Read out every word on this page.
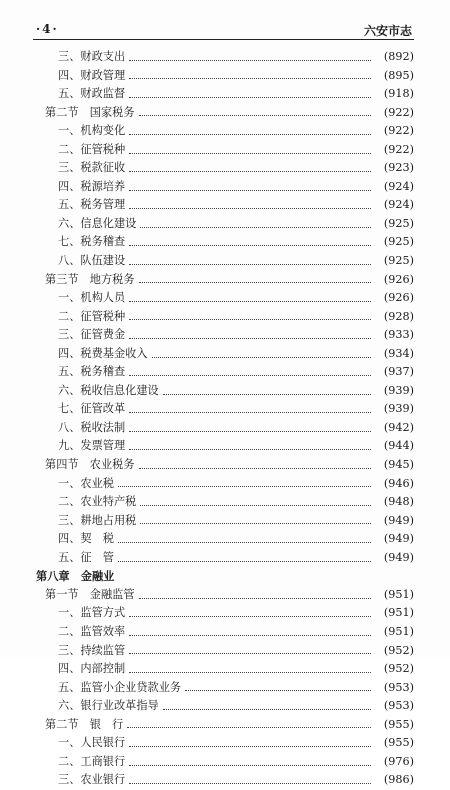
·4·	六安市志
三、财政支出	(892)
四、财政管理	(895)
五、财政监督	(918)
第二节　国家税务	(922)
一、机构变化	(922)
二、征管税种	(922)
三、税款征收	(923)
四、税源培养	(924)
五、税务管理	(924)
六、信息化建设	(925)
七、税务稽查	(925)
八、队伍建设	(925)
第三节　地方税务	(926)
一、机构人员	(926)
二、征管税种	(928)
三、征管费金	(933)
四、税费基金收入	(934)
五、税务稽查	(937)
六、税收信息化建设	(939)
七、征管改革	(939)
八、税收法制	(942)
九、发票管理	(944)
第四节　农业税务	(945)
一、农业税	(946)
二、农业特产税	(948)
三、耕地占用税	(949)
四、契　税	(949)
五、征　管	(949)
第八章　金融业
第一节　金融监管	(951)
一、监管方式	(951)
二、监管效率	(951)
三、持续监管	(952)
四、内部控制	(952)
五、监管小企业贷款业务	(953)
六、银行业改革指导	(953)
第二节　银　行	(955)
一、人民银行	(955)
二、工商银行	(976)
三、农业银行	(986)
